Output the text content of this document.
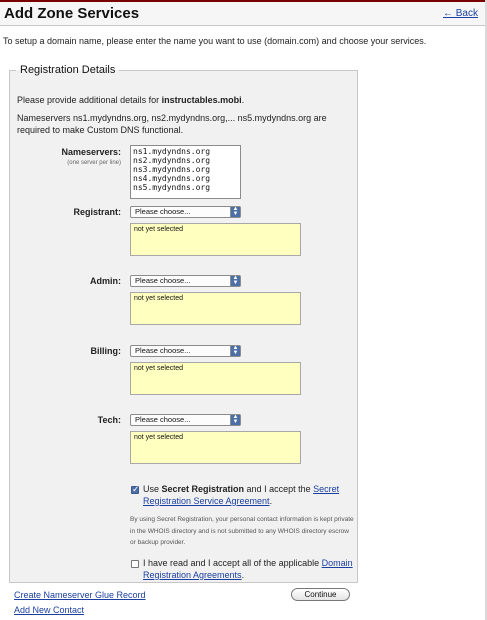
Add Zone Services	← Back
To setup a domain name, please enter the name you want to use (domain.com) and choose your services.
Registration Details
Please provide additional details for instructables.mobi.
Nameservers ns1.mydyndns.org, ns2.mydyndns.org,... ns5.mydyndns.org are required to make Custom DNS functional.
Nameservers:
(one server per line)
ns1.mydyndns.org
ns2.mydyndns.org
ns3.mydyndns.org
ns4.mydyndns.org
ns5.mydyndns.org
Registrant:	Please choose...	▲
▼
not yet selected
Admin:	Please choose...	▲
▼
not yet selected
Billing:	Please choose...	▲
▼
not yet selected
Tech:	Please choose...	▲
▼
not yet selected
✓
Use Secret Registration and I accept the Secret Registration Service Agreement.
By using Secret Registration, your personal contact information is kept private in the WHOIS directory and is not submitted to any WHOIS directory escrow or backup provider.
I have read and I accept all of the applicable Domain Registration Agreements.
Create Nameserver Glue Record
Add New Contact
Continue
